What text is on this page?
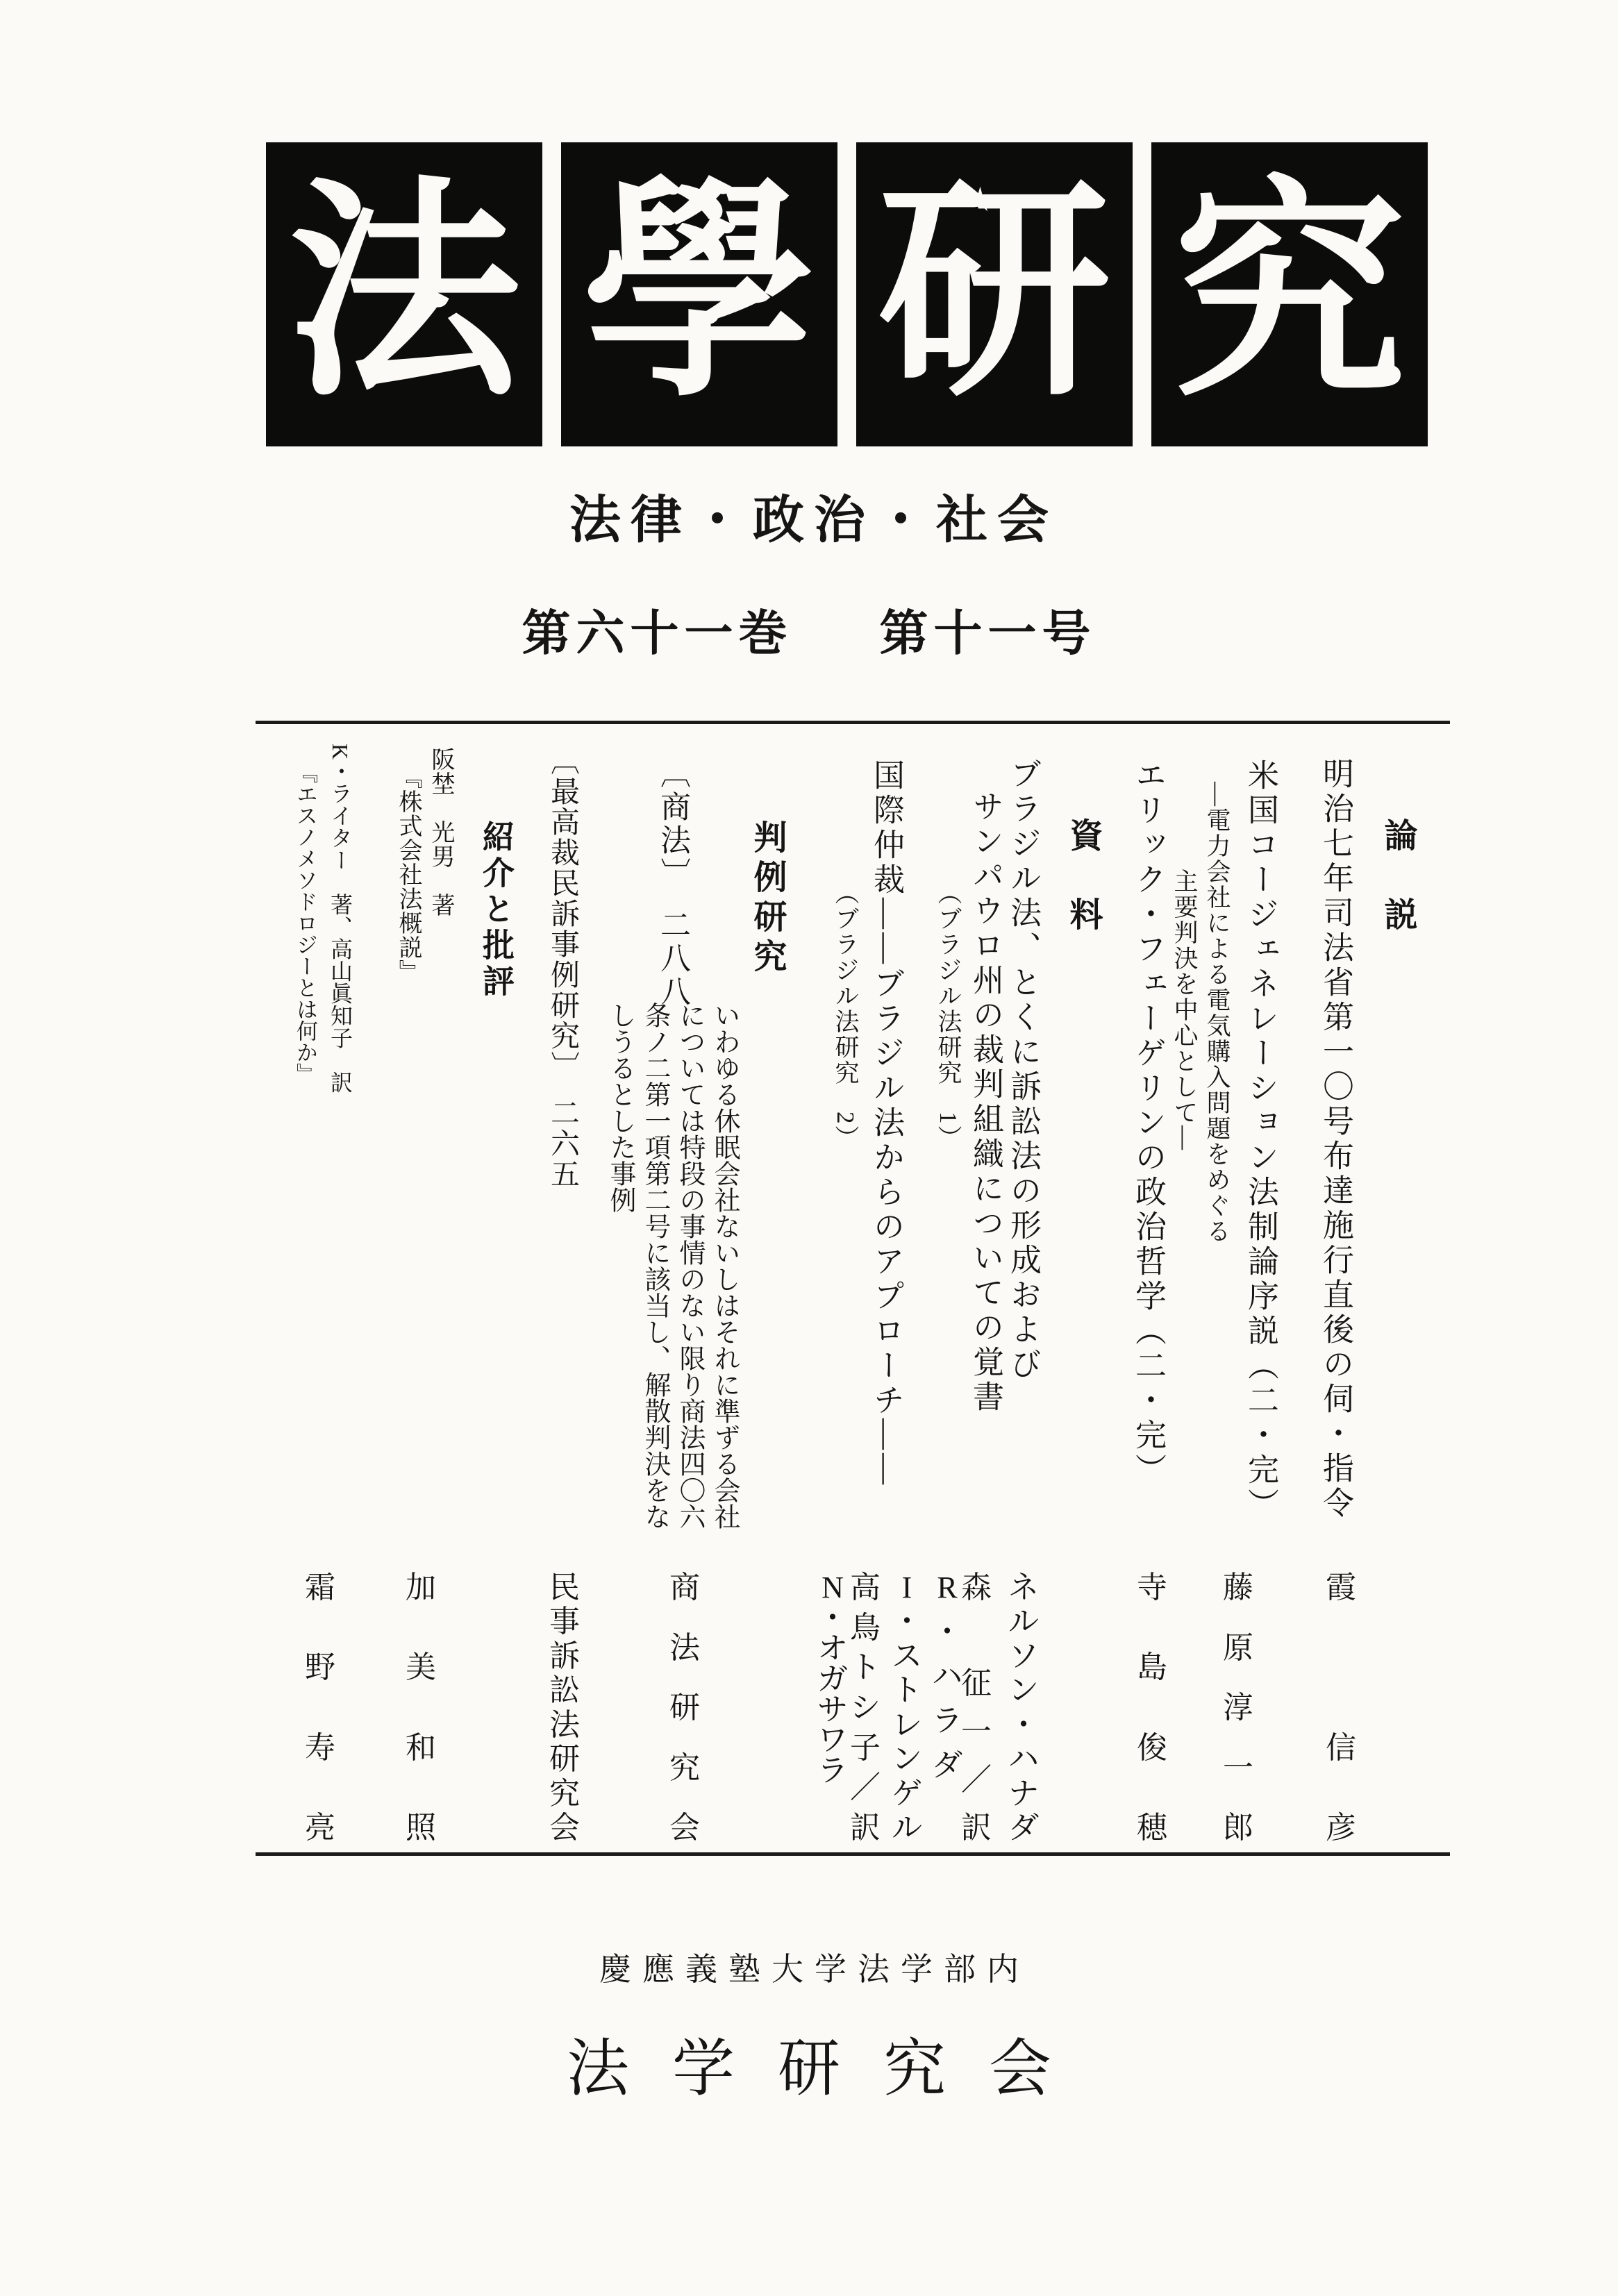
法 學 研 究
法律・政治・社会
第六十一巻 第十一号
論　説
明治七年司法省第一〇号布達施行直後の伺・指令
霞

信
彦
米国コージェネレーション法制論序説（二・完）
―電力会社による電気購入問題をめぐる
主要判決を中心として―
藤
原
淳
一
郎
エリック・フェーゲリンの政治哲学（二・完）
寺
島
俊
穂
資　料
ブラジル法、とくに訴訟法の形成および
サンパウロ州の裁判組織についての覚書
（ブラジル法研究　1）
ネ
ル
ソ
ン
・
ハ
ナ
ダ
森

征
一
／
訳
R
・
ハ
ラ
ダ
国際仲裁――ブラジル法からのアプローチ――
（ブラジル法研究　2）
I
・
ス
ト
レ
ン
ゲ
ル
高
鳥
ト
シ
子
／
訳
N
・
オ
ガ
サ
ワ
ラ
判例研究
〔商法〕　二八八
いわゆる休眠会社ないしはそれに準ずる会社
については特段の事情のない限り商法四〇六
条ノ二第一項第二号に該当し、解散判決をな
しうるとした事例
商
法
研
究
会
〔最高裁民訴事例研究〕　二六五
民
事
訴
訟
法
研
究
会
紹介と批評
阪埜　光男　著
『株式会社法概説』
加
美
和
照
K・ライター　著、高山眞知子　訳
『エスノメソドロジーとは何か』
霜
野
寿
亮
慶應義塾大学法学部内
法学研究会
